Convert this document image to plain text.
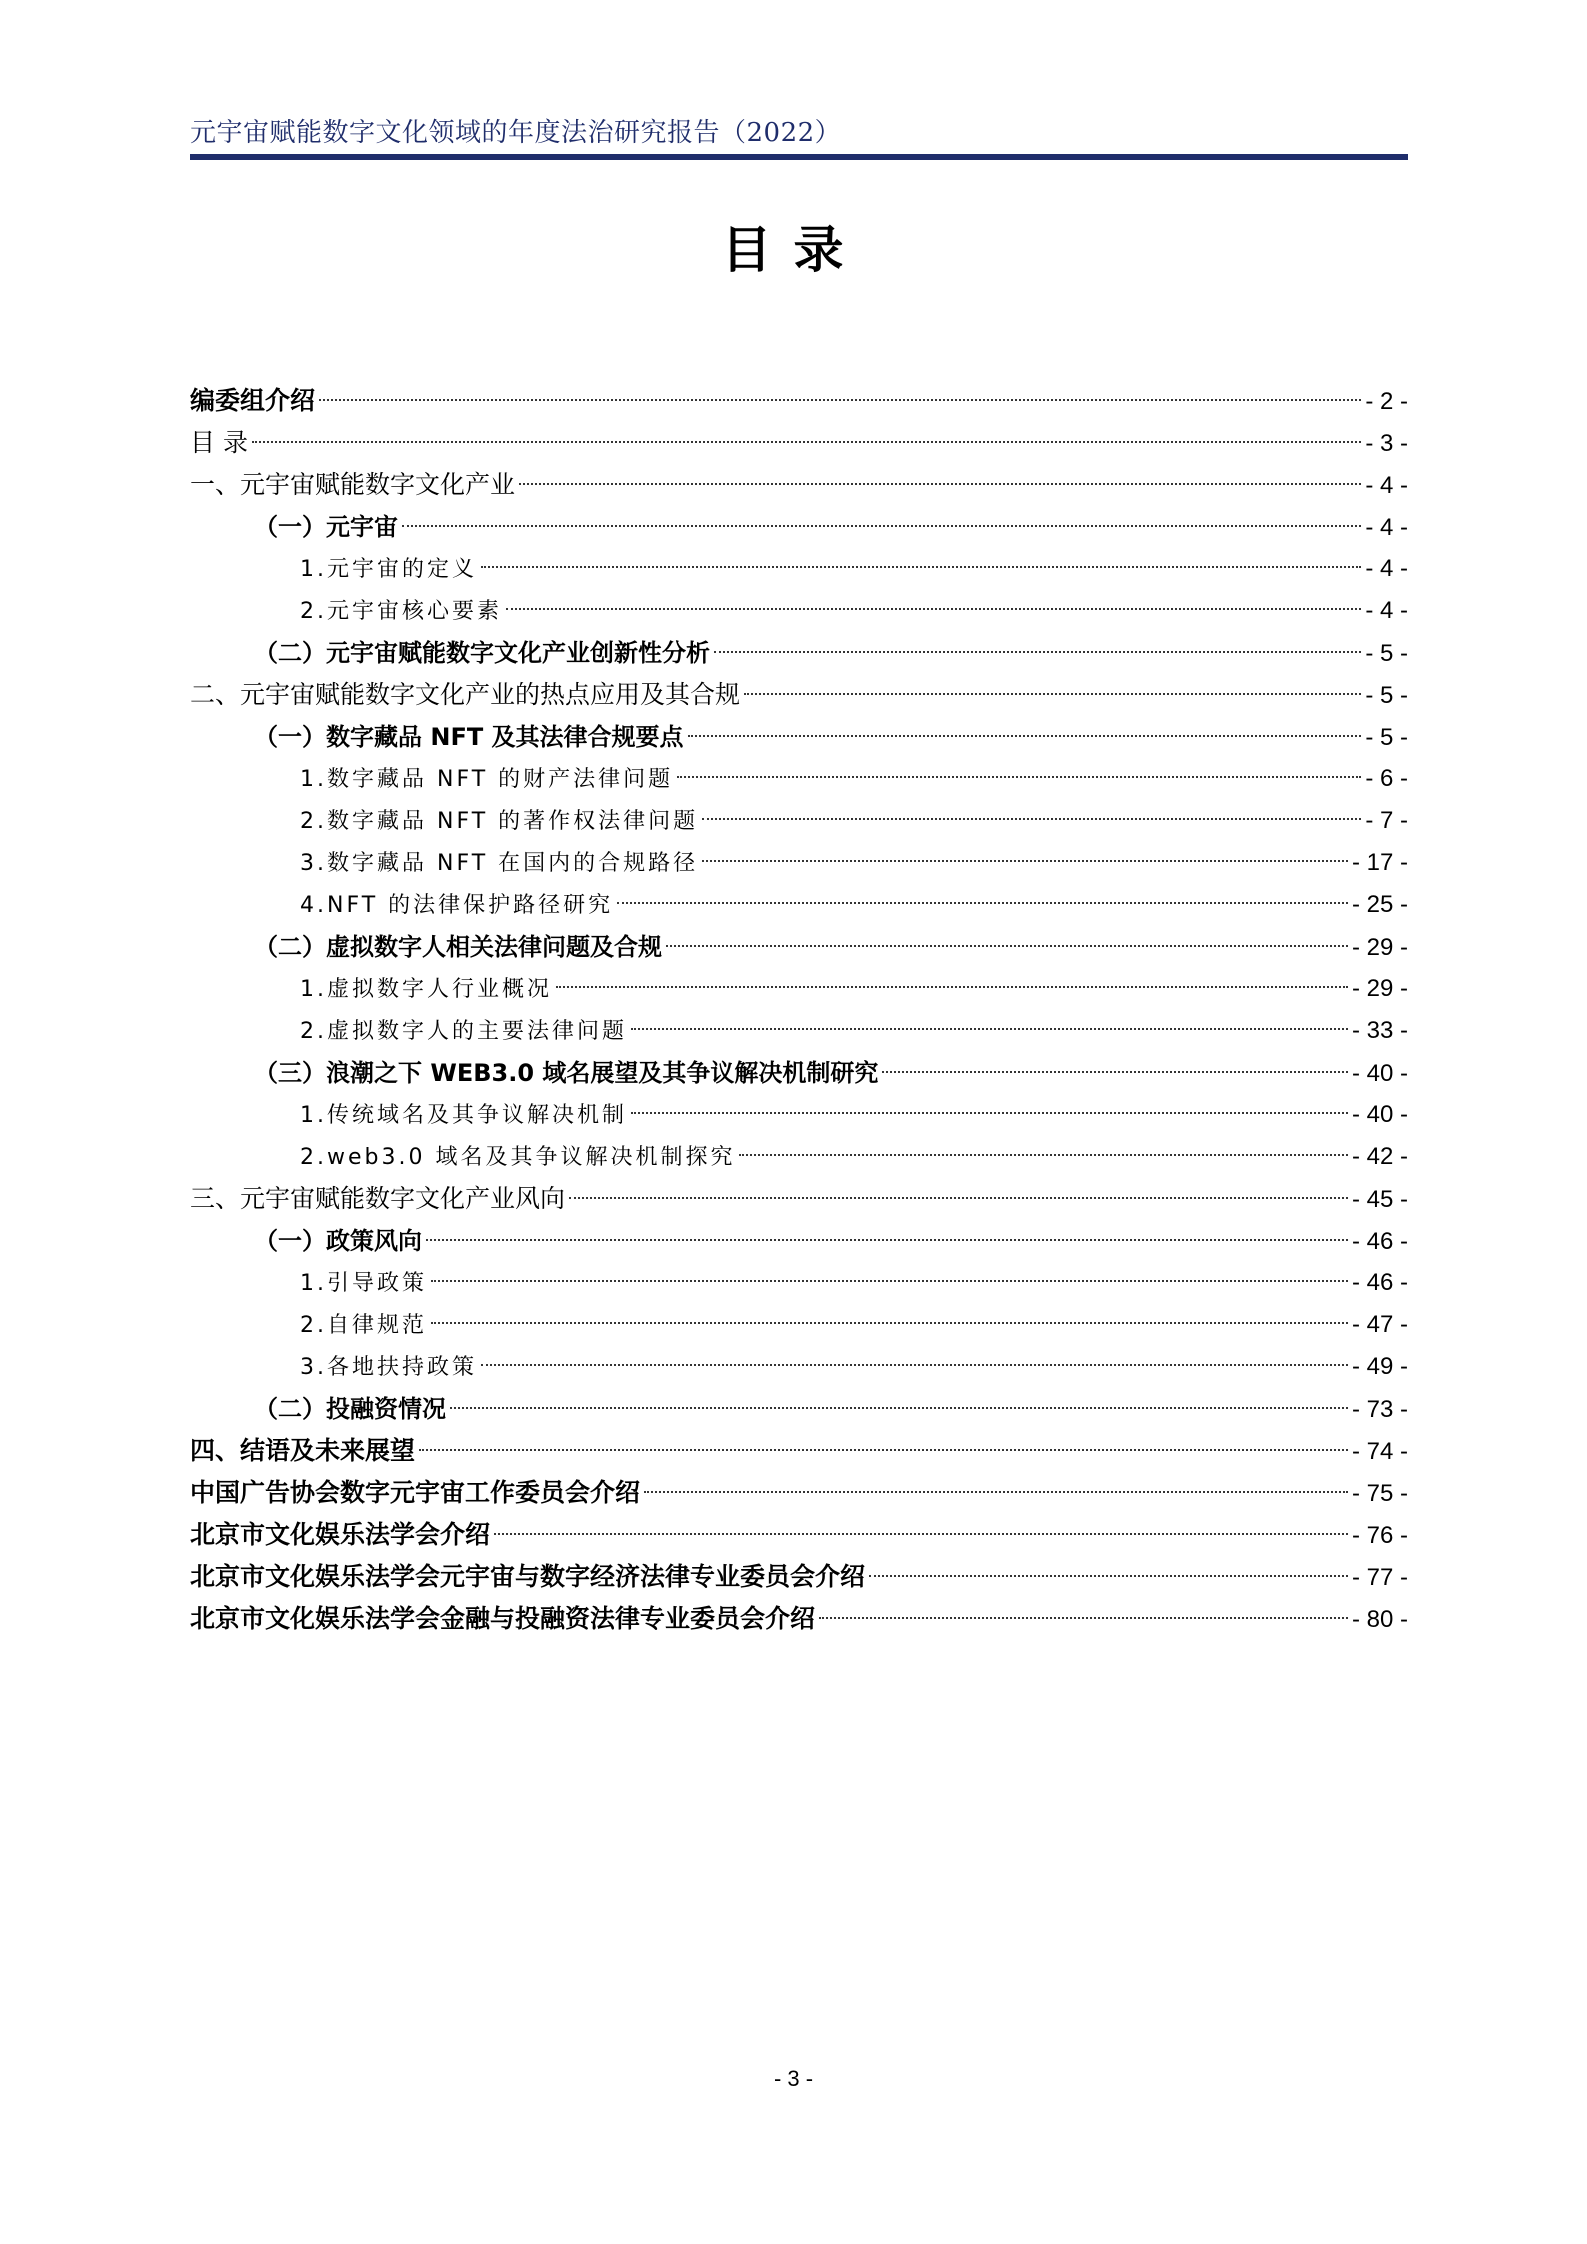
元宇宙赋能数字文化领域的年度法治研究报告（2022）
目录
编委组介绍	- 2 -
目 录	- 3 -
一、元宇宙赋能数字文化产业	- 4 -
（一）元宇宙	- 4 -
1.元宇宙的定义	- 4 -
2.元宇宙核心要素	- 4 -
（二）元宇宙赋能数字文化产业创新性分析	- 5 -
二、元宇宙赋能数字文化产业的热点应用及其合规	- 5 -
（一）数字藏品 NFT 及其法律合规要点	- 5 -
1.数字藏品 NFT 的财产法律问题	- 6 -
2.数字藏品 NFT 的著作权法律问题	- 7 -
3.数字藏品 NFT 在国内的合规路径	- 17 -
4.NFT 的法律保护路径研究	- 25 -
（二）虚拟数字人相关法律问题及合规	- 29 -
1.虚拟数字人行业概况	- 29 -
2.虚拟数字人的主要法律问题	- 33 -
（三）浪潮之下 WEB3.0 域名展望及其争议解决机制研究	- 40 -
1.传统域名及其争议解决机制	- 40 -
2.web3.0 域名及其争议解决机制探究	- 42 -
三、元宇宙赋能数字文化产业风向	- 45 -
（一）政策风向	- 46 -
1.引导政策	- 46 -
2.自律规范	- 47 -
3.各地扶持政策	- 49 -
（二）投融资情况	- 73 -
四、结语及未来展望	- 74 -
中国广告协会数字元宇宙工作委员会介绍	- 75 -
北京市文化娱乐法学会介绍	- 76 -
北京市文化娱乐法学会元宇宙与数字经济法律专业委员会介绍	- 77 -
北京市文化娱乐法学会金融与投融资法律专业委员会介绍	- 80 -
- 3 -
